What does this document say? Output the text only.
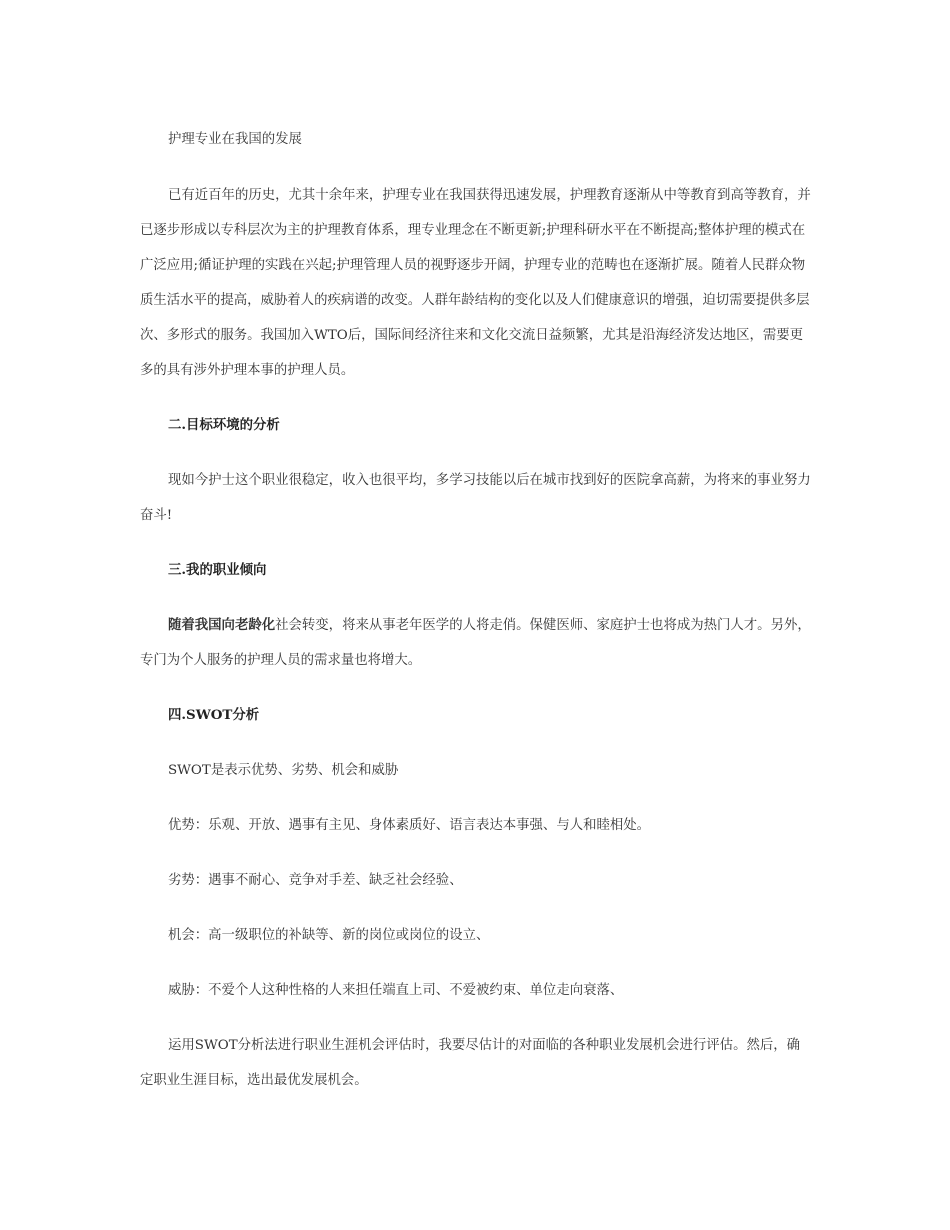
护理专业在我国的发展

已有近百年的历史，尤其十余年来，护理专业在我国获得迅速发展，护理教育逐渐从中等教育到高等教育，并已逐步形成以专科层次为主的护理教育体系，理专业理念在不断更新;护理科研水平在不断提高;整体护理的模式在广泛应用;循证护理的实践在兴起;护理管理人员的视野逐步开阔，护理专业的范畴也在逐渐扩展。随着人民群众物质生活水平的提高，威胁着人的疾病谱的改变。人群年龄结构的变化以及人们健康意识的增强，迫切需要提供多层次、多形式的服务。我国加入WTO后，国际间经济往来和文化交流日益频繁，尤其是沿海经济发达地区，需要更多的具有涉外护理本事的护理人员。

二.目标环境的分析

现如今护士这个职业很稳定，收入也很平均，多学习技能以后在城市找到好的医院拿高薪，为将来的事业努力奋斗!

三.我的职业倾向

随着我国向老龄化社会转变，将来从事老年医学的人将走俏。保健医师、家庭护士也将成为热门人才。另外，专门为个人服务的护理人员的需求量也将增大。

四.SWOT分析

SWOT是表示优势、劣势、机会和威胁

优势：乐观、开放、遇事有主见、身体素质好、语言表达本事强、与人和睦相处。

劣势：遇事不耐心、竞争对手差、缺乏社会经验、

机会：高一级职位的补缺等、新的岗位或岗位的设立、

威胁：不爱个人这种性格的人来担任端直上司、不爱被约束、单位走向衰落、

运用SWOT分析法进行职业生涯机会评估时，我要尽估计的对面临的各种职业发展机会进行评估。然后，确定职业生涯目标，选出最优发展机会。
